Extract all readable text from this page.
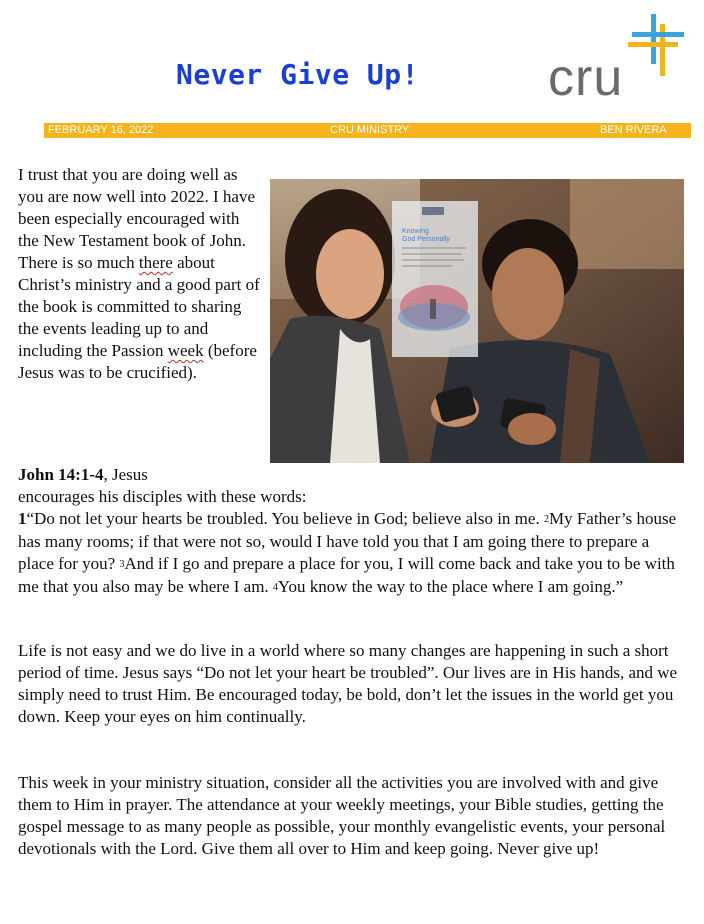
Never Give Up! cru
FEBRUARY 16, 2022	CRU MINISTRY	BEN RIVERA
I trust that you are doing well as you are now well into 2022. I have been especially encouraged with the New Testament book of John. There is so much there about Christ’s ministry and a good part of the book is committed to sharing the events leading up to and including the Passion week (before Jesus was to be crucified).
Knowing
God Personally
John 14:1-4, Jesus
encourages his disciples with these words:
1“Do not let your hearts be troubled. You believe in God; believe also in me. $^2$My Father’s house has many rooms; if that were not so, would I have told you that I am going there to prepare a place for you? $^3$And if I go and prepare a place for you, I will come back and take you to be with me that you also may be where I am. $^4$You know the way to the place where I am going.”
Life is not easy and we do live in a world where so many changes are happening in such a short period of time. Jesus says “Do not let your heart be troubled”. Our lives are in His hands, and we simply need to trust Him. Be encouraged today, be bold, don’t let the issues in the world get you down. Keep your eyes on him continually.
This week in your ministry situation, consider all the activities you are involved with and give them to Him in prayer. The attendance at your weekly meetings, your Bible studies, getting the gospel message to as many people as possible, your monthly evangelistic events, your personal devotionals with the Lord. Give them all over to Him and keep going. Never give up!
